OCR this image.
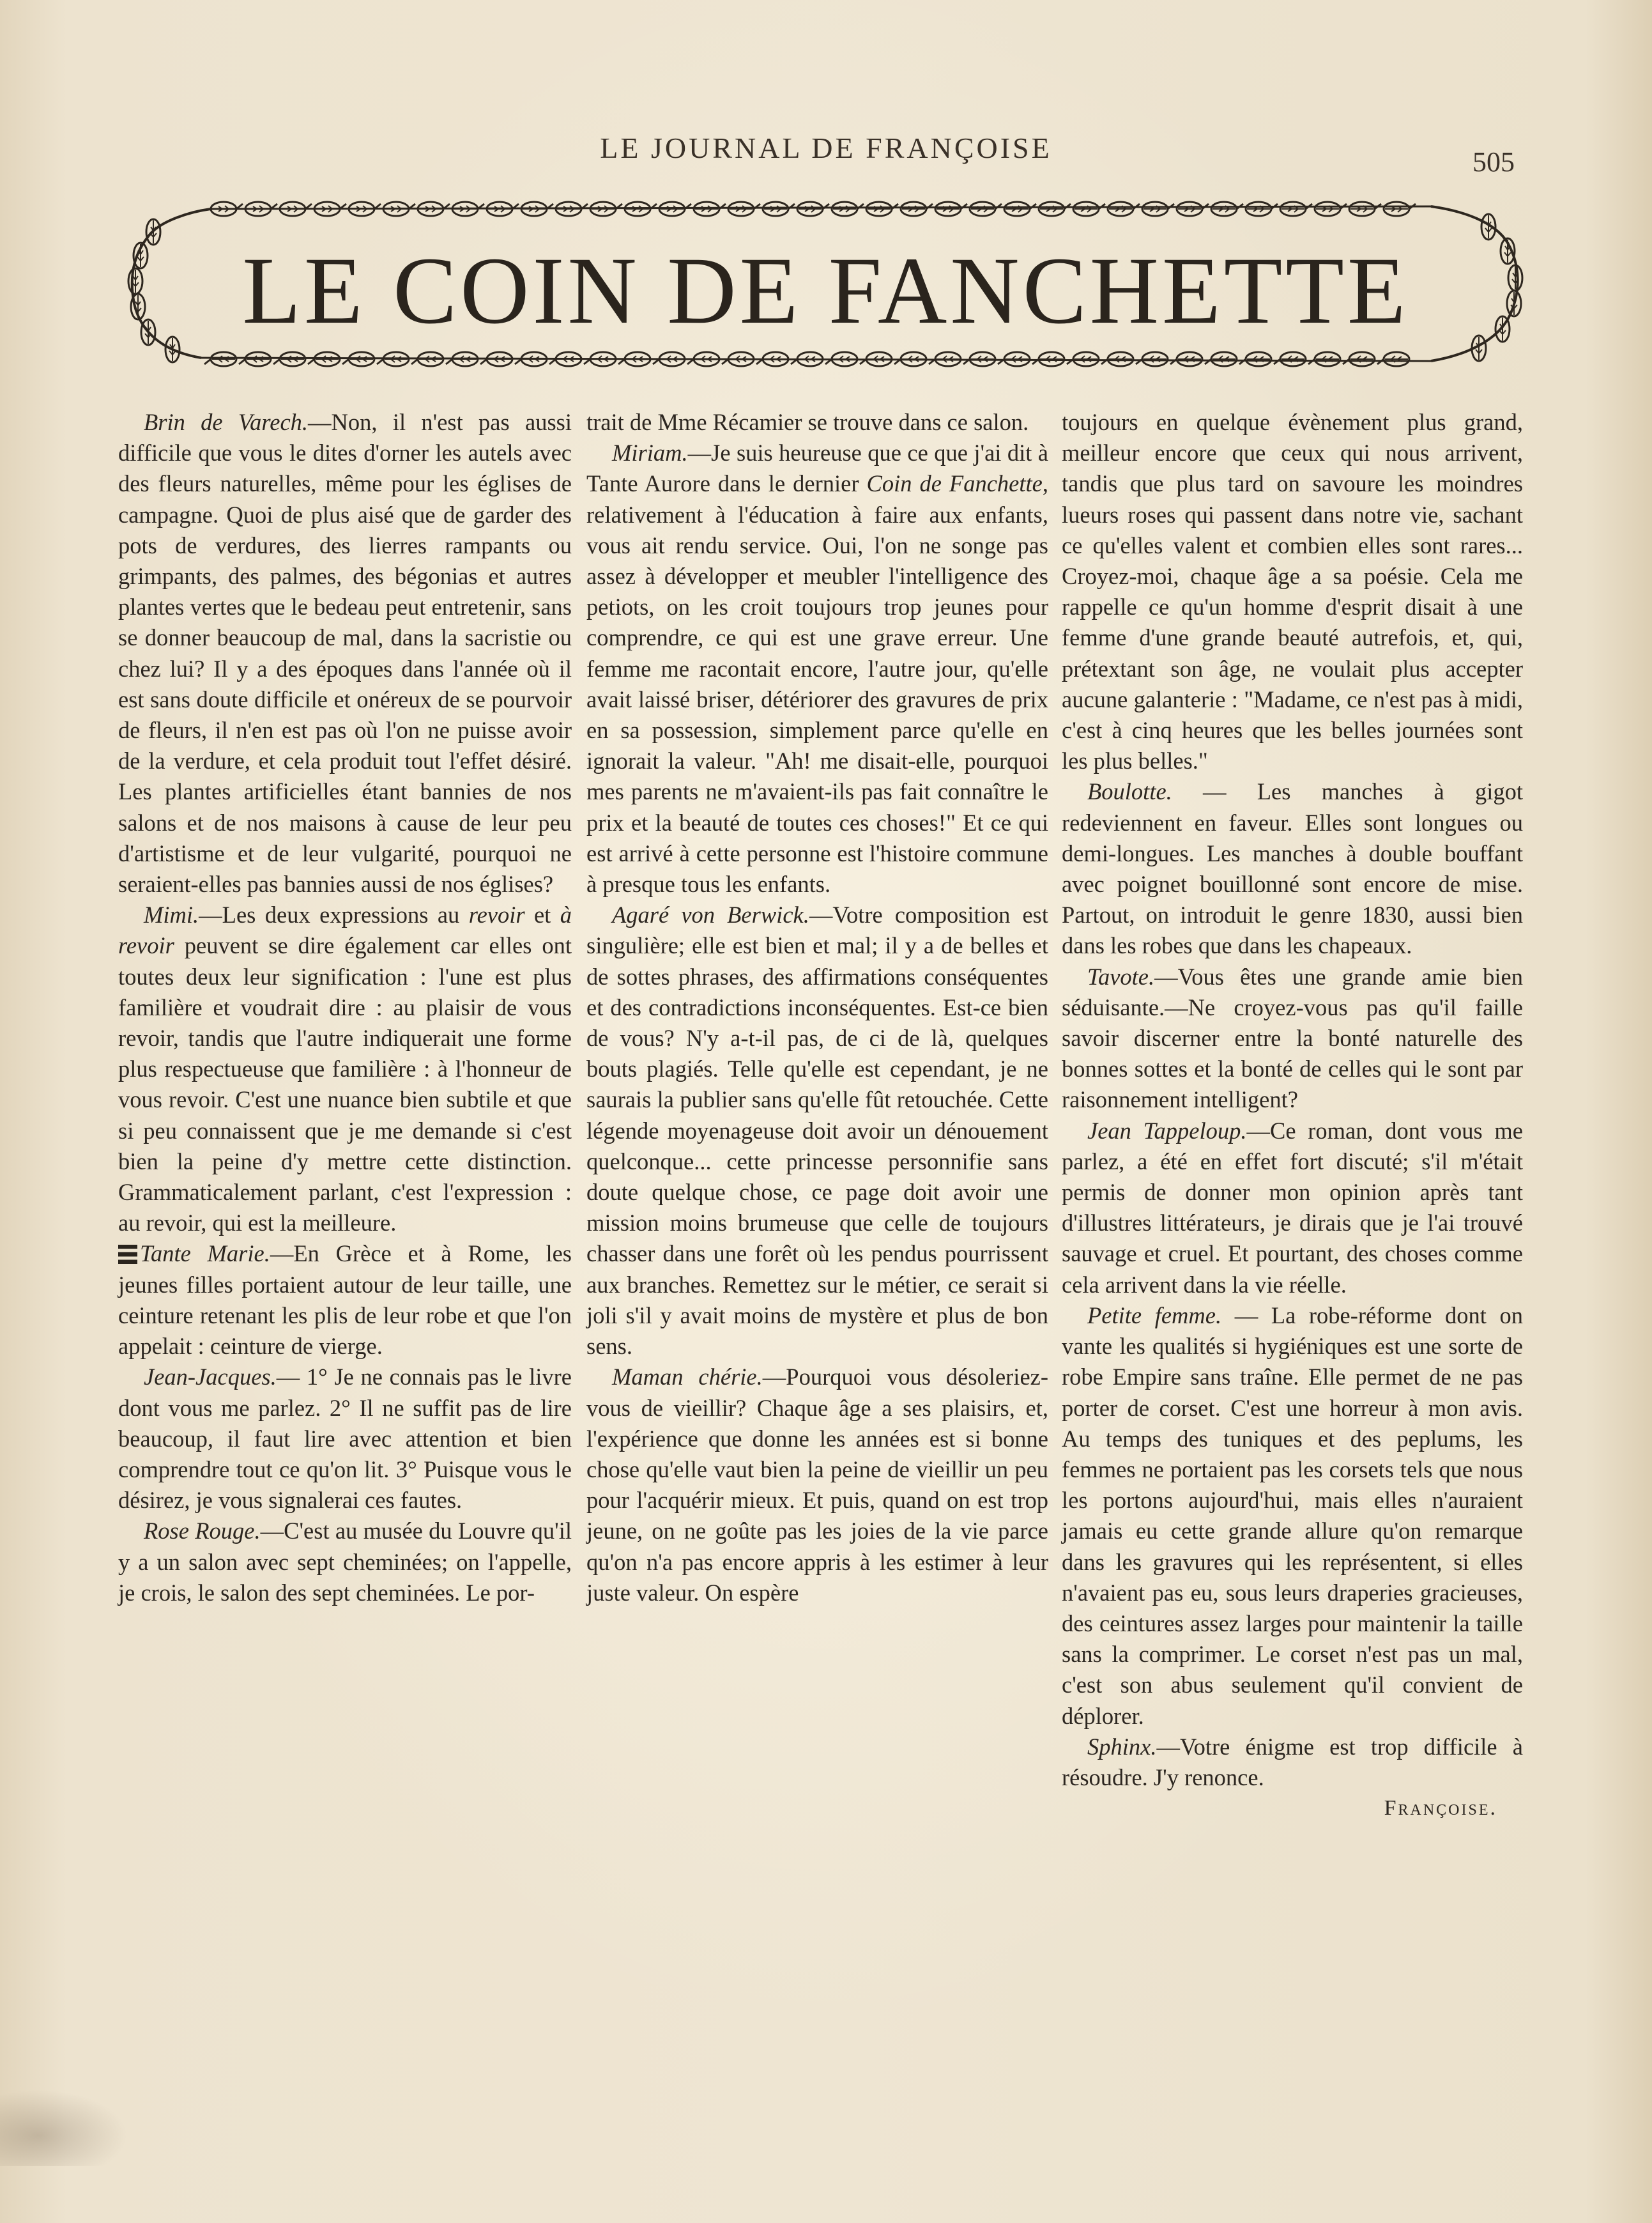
LE JOURNAL DE FRANÇOISE	505
LE COIN DE FANCHETTE

Brin de Varech.—Non, il n'est pas aussi difficile que vous le dites d'orner les autels avec des fleurs naturelles, même pour les églises de campagne. Quoi de plus aisé que de garder des pots de verdures, des lierres rampants ou grimpants, des palmes, des bégonias et autres plantes vertes que le bedeau peut entretenir, sans se donner beaucoup de mal, dans la sacristie ou chez lui? Il y a des époques dans l'année où il est sans doute difficile et onéreux de se pourvoir de fleurs, il n'en est pas où l'on ne puisse avoir de la verdure, et cela produit tout l'effet désiré. Les plantes artificielles étant bannies de nos salons et de nos maisons à cause de leur peu d'artistisme et de leur vulgarité, pourquoi ne seraient-elles pas bannies aussi de nos églises?

Mimi.—Les deux expressions au revoir et à revoir peuvent se dire également car elles ont toutes deux leur signification : l'une est plus familière et voudrait dire : au plaisir de vous revoir, tandis que l'autre indiquerait une forme plus respectueuse que familière : à l'honneur de vous revoir. C'est une nuance bien subtile et que si peu connaissent que je me demande si c'est bien la peine d'y mettre cette distinction. Grammaticalement parlant, c'est l'expression : au revoir, qui est la meilleure.

Tante Marie.—En Grèce et à Rome, les jeunes filles portaient autour de leur taille, une ceinture retenant les plis de leur robe et que l'on appelait : ceinture de vierge.

Jean-Jacques.— 1° Je ne connais pas le livre dont vous me parlez. 2° Il ne suffit pas de lire beaucoup, il faut lire avec attention et bien comprendre tout ce qu'on lit. 3° Puisque vous le désirez, je vous signalerai ces fautes.

Rose Rouge.—C'est au musée du Louvre qu'il y a un salon avec sept cheminées; on l'appelle, je crois, le salon des sept cheminées. Le por-

trait de Mme Récamier se trouve dans ce salon.

Miriam.—Je suis heureuse que ce que j'ai dit à Tante Aurore dans le dernier Coin de Fanchette, relativement à l'éducation à faire aux enfants, vous ait rendu service. Oui, l'on ne songe pas assez à développer et meubler l'intelligence des petiots, on les croit toujours trop jeunes pour comprendre, ce qui est une grave erreur. Une femme me racontait encore, l'autre jour, qu'elle avait laissé briser, détériorer des gravures de prix en sa possession, simplement parce qu'elle en ignorait la valeur. "Ah! me disait-elle, pourquoi mes parents ne m'avaient-ils pas fait connaître le prix et la beauté de toutes ces choses!" Et ce qui est arrivé à cette personne est l'histoire commune à presque tous les enfants.

Agaré von Berwick.—Votre composition est singulière; elle est bien et mal; il y a de belles et de sottes phrases, des affirmations conséquentes et des contradictions inconséquentes. Est-ce bien de vous? N'y a-t-il pas, de ci de là, quelques bouts plagiés. Telle qu'elle est cependant, je ne saurais la publier sans qu'elle fût retouchée. Cette légende moyenageuse doit avoir un dénouement quelconque... cette princesse personnifie sans doute quelque chose, ce page doit avoir une mission moins brumeuse que celle de toujours chasser dans une forêt où les pendus pourrissent aux branches. Remettez sur le métier, ce serait si joli s'il y avait moins de mystère et plus de bon sens.

Maman chérie.—Pourquoi vous désoleriez-vous de vieillir? Chaque âge a ses plaisirs, et, l'expérience que donne les années est si bonne chose qu'elle vaut bien la peine de vieillir un peu pour l'acquérir mieux. Et puis, quand on est trop jeune, on ne goûte pas les joies de la vie parce qu'on n'a pas encore appris à les estimer à leur juste valeur. On espère

toujours en quelque évènement plus grand, meilleur encore que ceux qui nous arrivent, tandis que plus tard on savoure les moindres lueurs roses qui passent dans notre vie, sachant ce qu'elles valent et combien elles sont rares... Croyez-moi, chaque âge a sa poésie. Cela me rappelle ce qu'un homme d'esprit disait à une femme d'une grande beauté autrefois, et, qui, prétextant son âge, ne voulait plus accepter aucune galanterie : "Madame, ce n'est pas à midi, c'est à cinq heures que les belles journées sont les plus belles."

Boulotte. — Les manches à gigot redeviennent en faveur. Elles sont longues ou demi-longues. Les manches à double bouffant avec poignet bouillonné sont encore de mise. Partout, on introduit le genre 1830, aussi bien dans les robes que dans les chapeaux.

Tavote.—Vous êtes une grande amie bien séduisante.—Ne croyez-vous pas qu'il faille savoir discerner entre la bonté naturelle des bonnes sottes et la bonté de celles qui le sont par raisonnement intelligent?

Jean Tappeloup.—Ce roman, dont vous me parlez, a été en effet fort discuté; s'il m'était permis de donner mon opinion après tant d'illustres littérateurs, je dirais que je l'ai trouvé sauvage et cruel. Et pourtant, des choses comme cela arrivent dans la vie réelle.

Petite femme. — La robe-réforme dont on vante les qualités si hygiéniques est une sorte de robe Empire sans traîne. Elle permet de ne pas porter de corset. C'est une horreur à mon avis. Au temps des tuniques et des peplums, les femmes ne portaient pas les corsets tels que nous les portons aujourd'hui, mais elles n'auraient jamais eu cette grande allure qu'on remarque dans les gravures qui les représentent, si elles n'avaient pas eu, sous leurs draperies gracieuses, des ceintures assez larges pour maintenir la taille sans la comprimer. Le corset n'est pas un mal, c'est son abus seulement qu'il convient de déplorer.

Sphinx.—Votre énigme est trop difficile à résoudre. J'y renonce.

Françoise.
